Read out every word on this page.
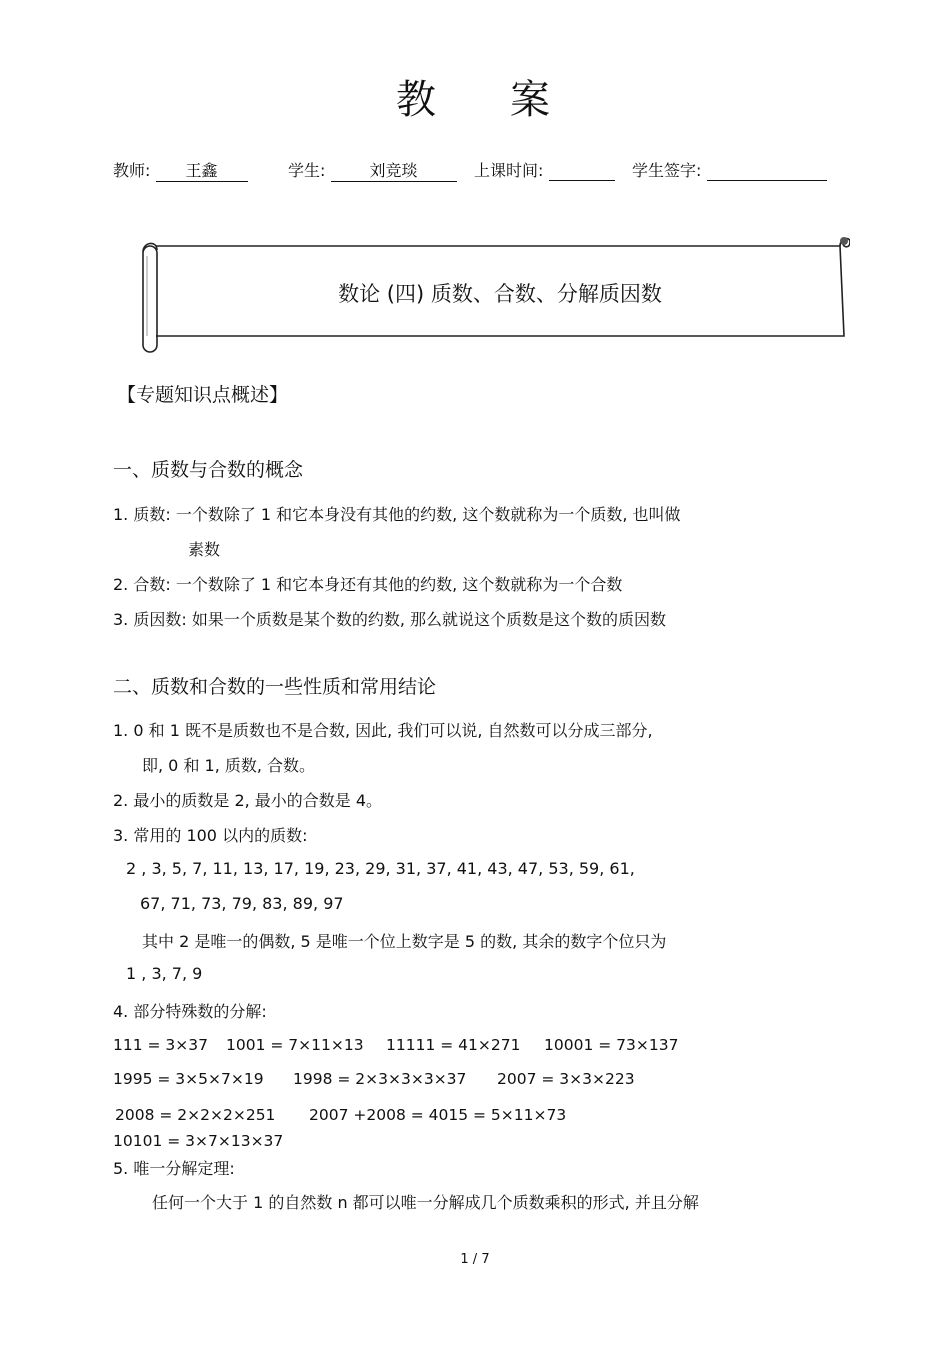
教 案
教师: 王鑫	学生:	刘竞琰	上课时间:	学生签字:
数论 (四) 质数、合数、分解质因数
【专题知识点概述】
一、质数与合数的概念
1. 质数: 一个数除了 1 和它本身没有其他的约数, 这个数就称为一个质数, 也叫做
素数
2. 合数: 一个数除了 1 和它本身还有其他的约数, 这个数就称为一个合数
3. 质因数: 如果一个质数是某个数的约数, 那么就说这个质数是这个数的质因数
二、质数和合数的一些性质和常用结论
1. 0 和 1 既不是质数也不是合数, 因此, 我们可以说, 自然数可以分成三部分,
即, 0 和 1, 质数, 合数。
2. 最小的质数是 2, 最小的合数是 4。
3. 常用的 100 以内的质数:
2 , 3, 5, 7, 11, 13, 17, 19, 23, 29, 31, 37, 41, 43, 47, 53, 59, 61,
67, 71, 73, 79, 83, 89, 97
其中 2 是唯一的偶数, 5 是唯一个位上数字是 5 的数, 其余的数字个位只为
1 , 3, 7, 9
4. 部分特殊数的分解:
111 = 3×37 1001 = 7×11×13 11111 = 41×271 10001 = 73×137
1995 = 3×5×7×19 1998 = 2×3×3×3×37 2007 = 3×3×223
2008 = 2×2×2×251 2007 +2008 = 4015 = 5×11×73
10101 = 3×7×13×37
5. 唯一分解定理:
任何一个大于 1 的自然数 n 都可以唯一分解成几个质数乘积的形式, 并且分解
1 / 7
